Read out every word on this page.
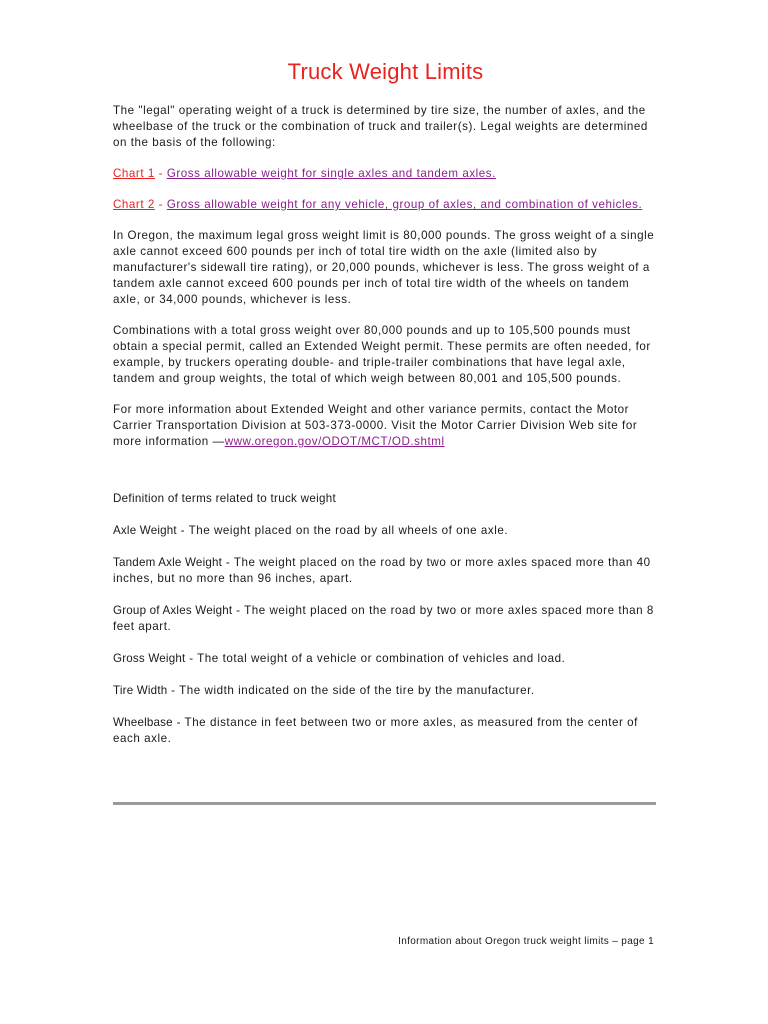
Truck Weight Limits

The "legal" operating weight of a truck is determined by tire size, the number of axles, and the wheelbase of the truck or the combination of truck and trailer(s). Legal weights are determined on the basis of the following:

Chart 1 - Gross allowable weight for single axles and tandem axles.
Chart 2 - Gross allowable weight for any vehicle, group of axles, and combination of vehicles.

In Oregon, the maximum legal gross weight limit is 80,000 pounds. The gross weight of a single axle cannot exceed 600 pounds per inch of total tire width on the axle (limited also by manufacturer's sidewall tire rating), or 20,000 pounds, whichever is less. The gross weight of a tandem axle cannot exceed 600 pounds per inch of total tire width of the wheels on tandem axle, or 34,000 pounds, whichever is less.

Combinations with a total gross weight over 80,000 pounds and up to 105,500 pounds must obtain a special permit, called an Extended Weight permit. These permits are often needed, for example, by truckers operating double- and triple-trailer combinations that have legal axle, tandem and group weights, the total of which weigh between 80,001 and 105,500 pounds.

For more information about Extended Weight and other variance permits, contact the Motor Carrier Transportation Division at 503-373-0000. Visit the Motor Carrier Division Web site for more information —www.oregon.gov/ODOT/MCT/OD.shtml

Definition of terms related to truck weight

Axle Weight - The weight placed on the road by all wheels of one axle.

Tandem Axle Weight - The weight placed on the road by two or more axles spaced more than 40 inches, but no more than 96 inches, apart.

Group of Axles Weight - The weight placed on the road by two or more axles spaced more than 8 feet apart.

Gross Weight - The total weight of a vehicle or combination of vehicles and load.

Tire Width - The width indicated on the side of the tire by the manufacturer.

Wheelbase - The distance in feet between two or more axles, as measured from the center of each axle.

Information about Oregon truck weight limits – page 1
